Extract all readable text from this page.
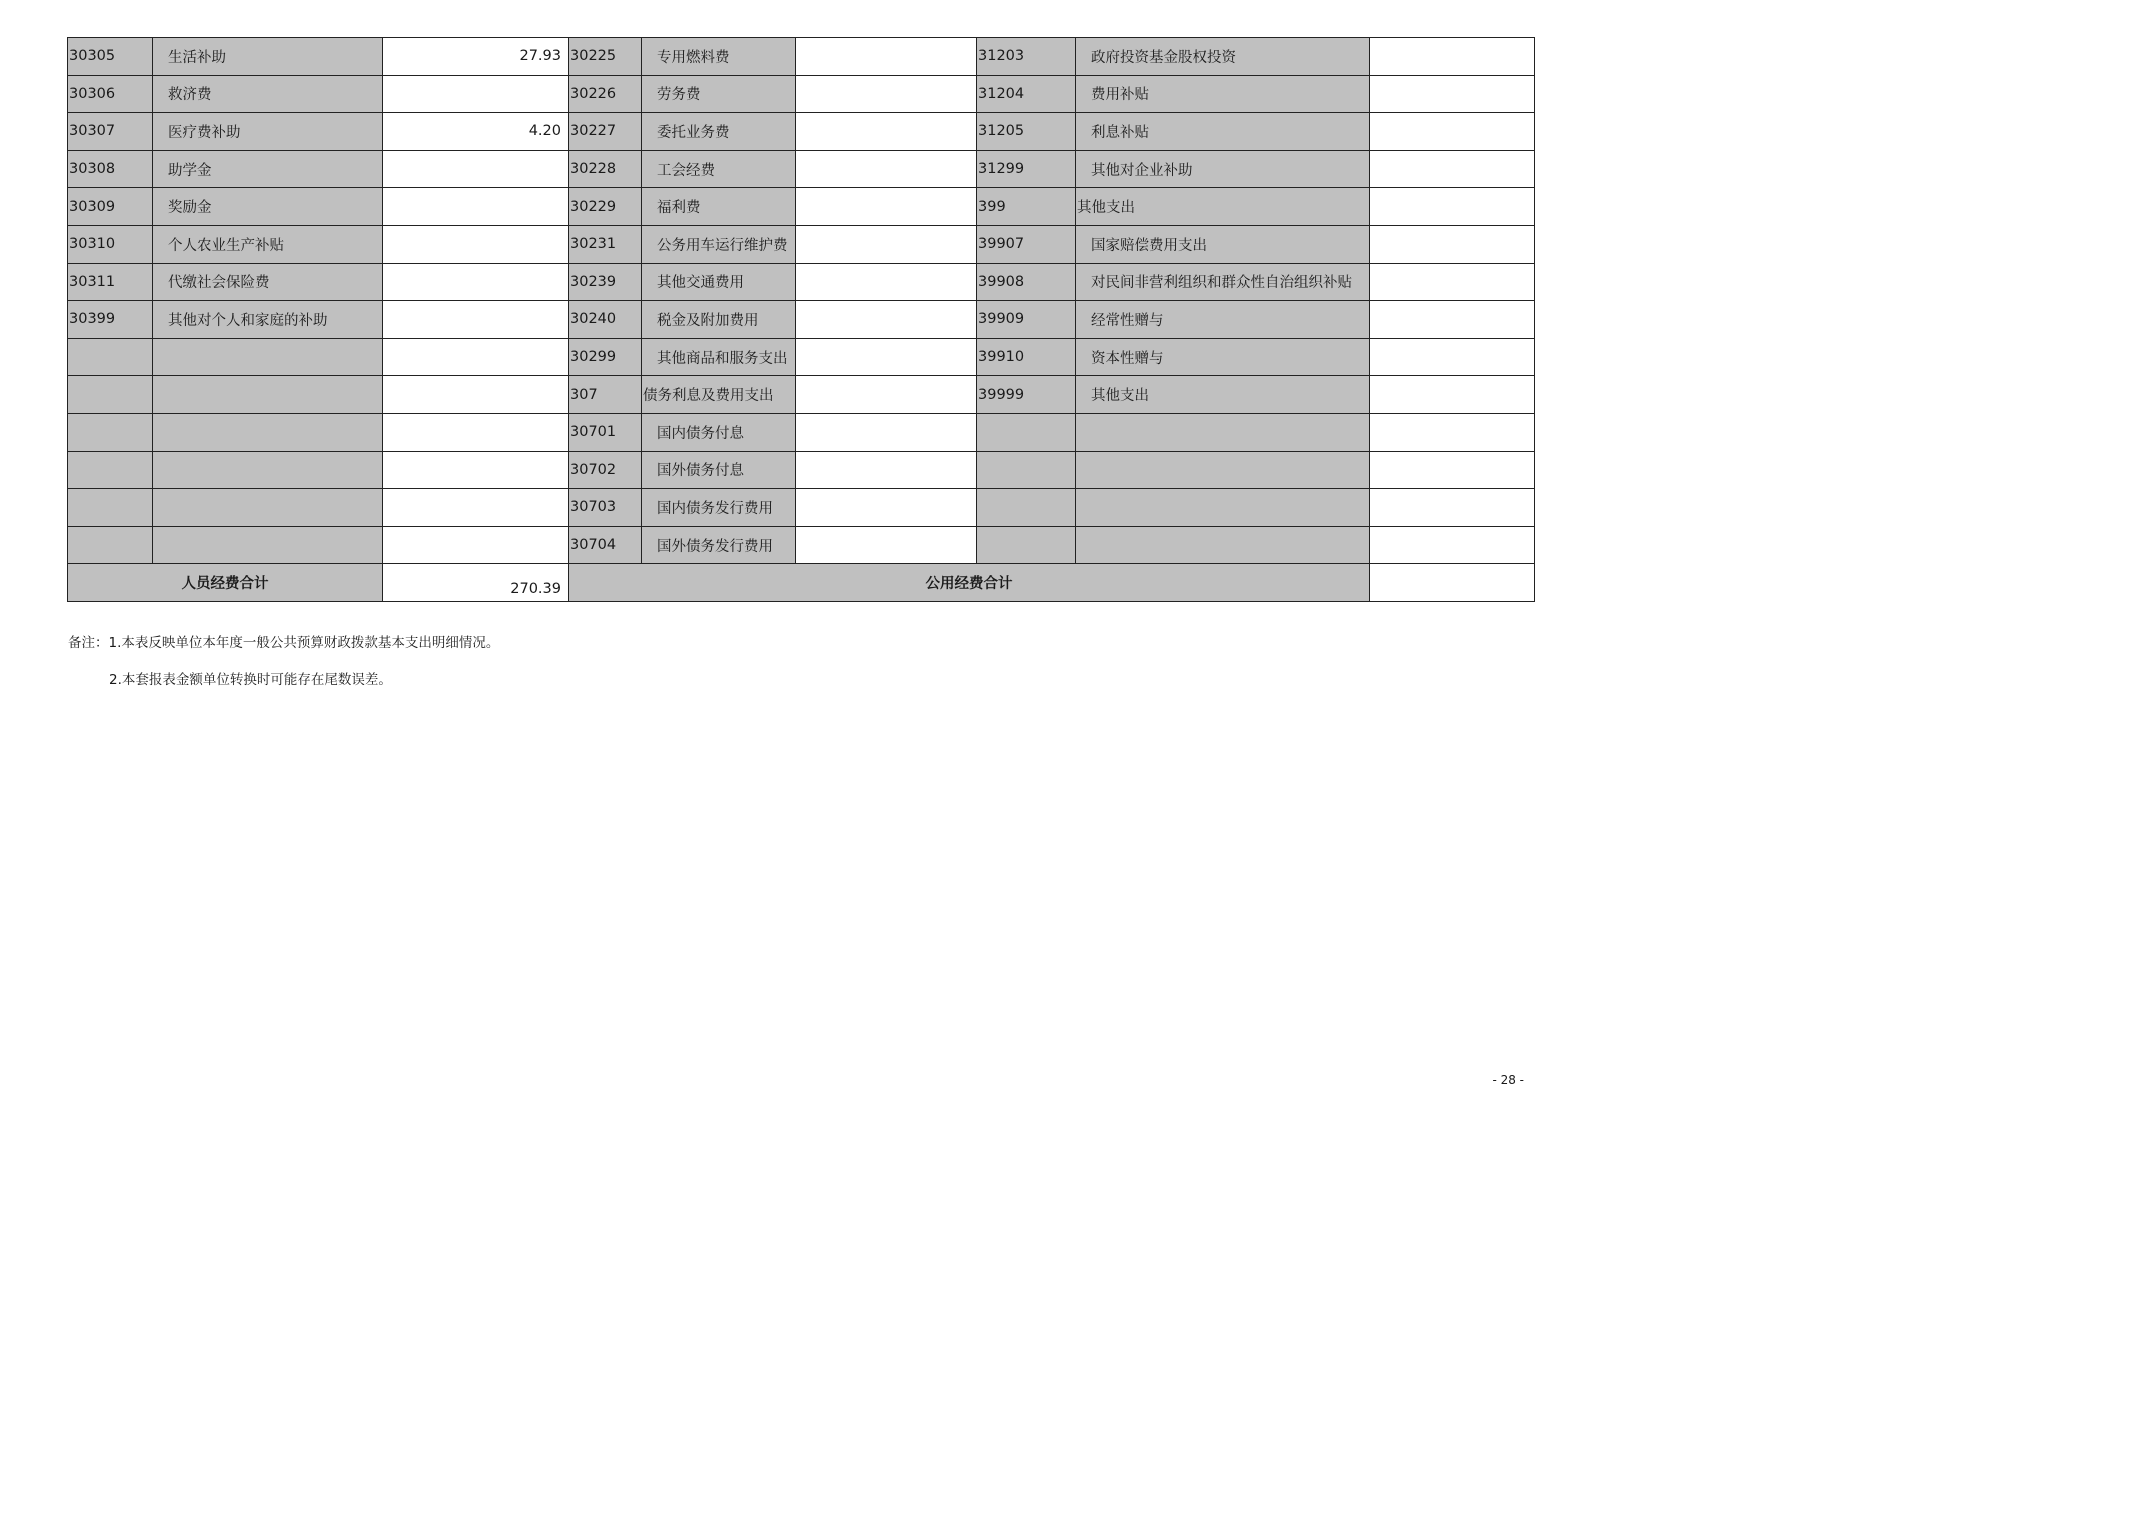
30305	生活补助	27.93	30225	专用燃料费		31203	政府投资基金股权投资	
30306	救济费		30226	劳务费		31204	费用补贴	
30307	医疗费补助	4.20	30227	委托业务费		31205	利息补贴	
30308	助学金		30228	工会经费		31299	其他对企业补助	
30309	奖励金		30229	福利费		399	其他支出	
30310	个人农业生产补贴		30231	公务用车运行维护费		39907	国家赔偿费用支出	
30311	代缴社会保险费		30239	其他交通费用		39908	对民间非营利组织和群众性自治组织补贴	
30399	其他对个人和家庭的补助		30240	税金及附加费用		39909	经常性赠与	
			30299	其他商品和服务支出		39910	资本性赠与	
			307	债务利息及费用支出		39999	其他支出	
			30701	国内债务付息				
			30702	国外债务付息				
			30703	国内债务发行费用				
			30704	国外债务发行费用				
人员经费合计		270.39	公用经费合计					
备注：1.本表反映单位本年度一般公共预算财政拨款基本支出明细情况。
2.本套报表金额单位转换时可能存在尾数误差。
- 28 -
